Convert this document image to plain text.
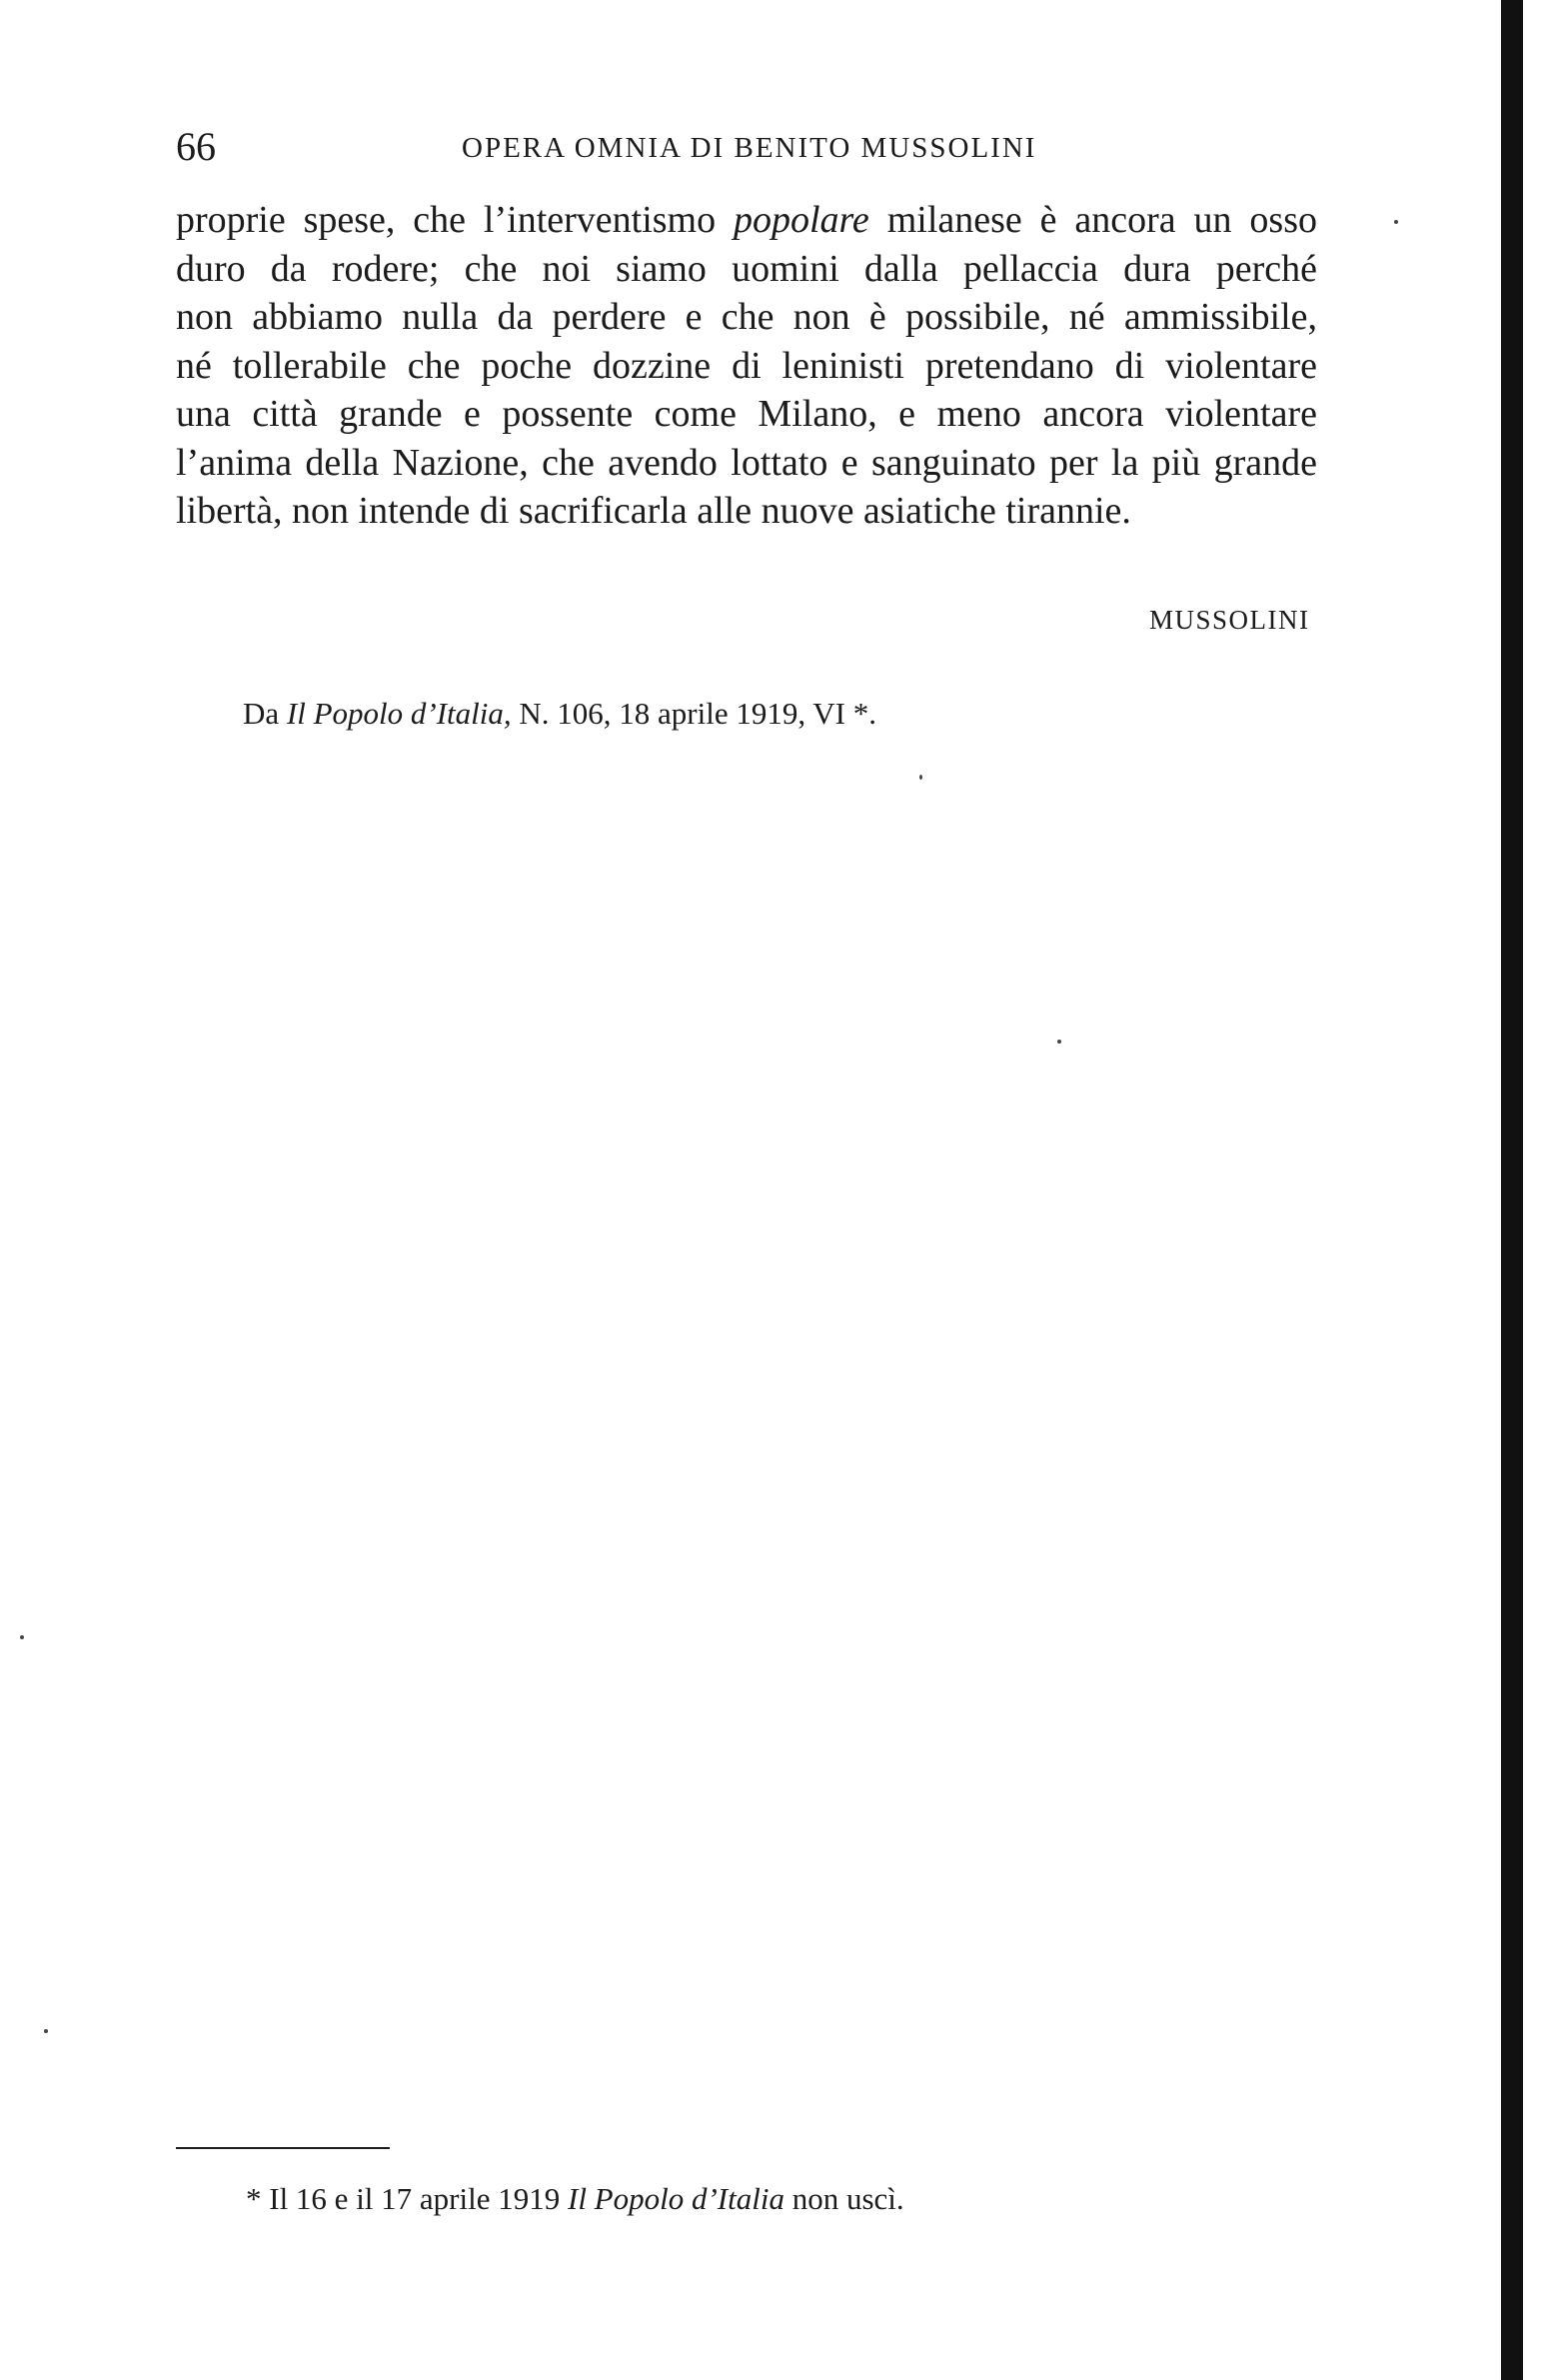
66	OPERA OMNIA DI BENITO MUSSOLINI
proprie spese, che l’interventismo popolare milanese è ancora un osso
duro da rodere; che noi siamo uomini dalla pellaccia dura perché
non abbiamo nulla da perdere e che non è possibile, né ammissibile,
né tollerabile che poche dozzine di leninisti pretendano di violentare
una città grande e possente come Milano, e meno ancora violentare
l’anima della Nazione, che avendo lottato e sanguinato per la più grande
libertà, non intende di sacrificarla alle nuove asiatiche tirannie.
MUSSOLINI
Da Il Popolo d’Italia, N. 106, 18 aprile 1919, VI *.
* Il 16 e il 17 aprile 1919 Il Popolo d’Italia non uscì.
